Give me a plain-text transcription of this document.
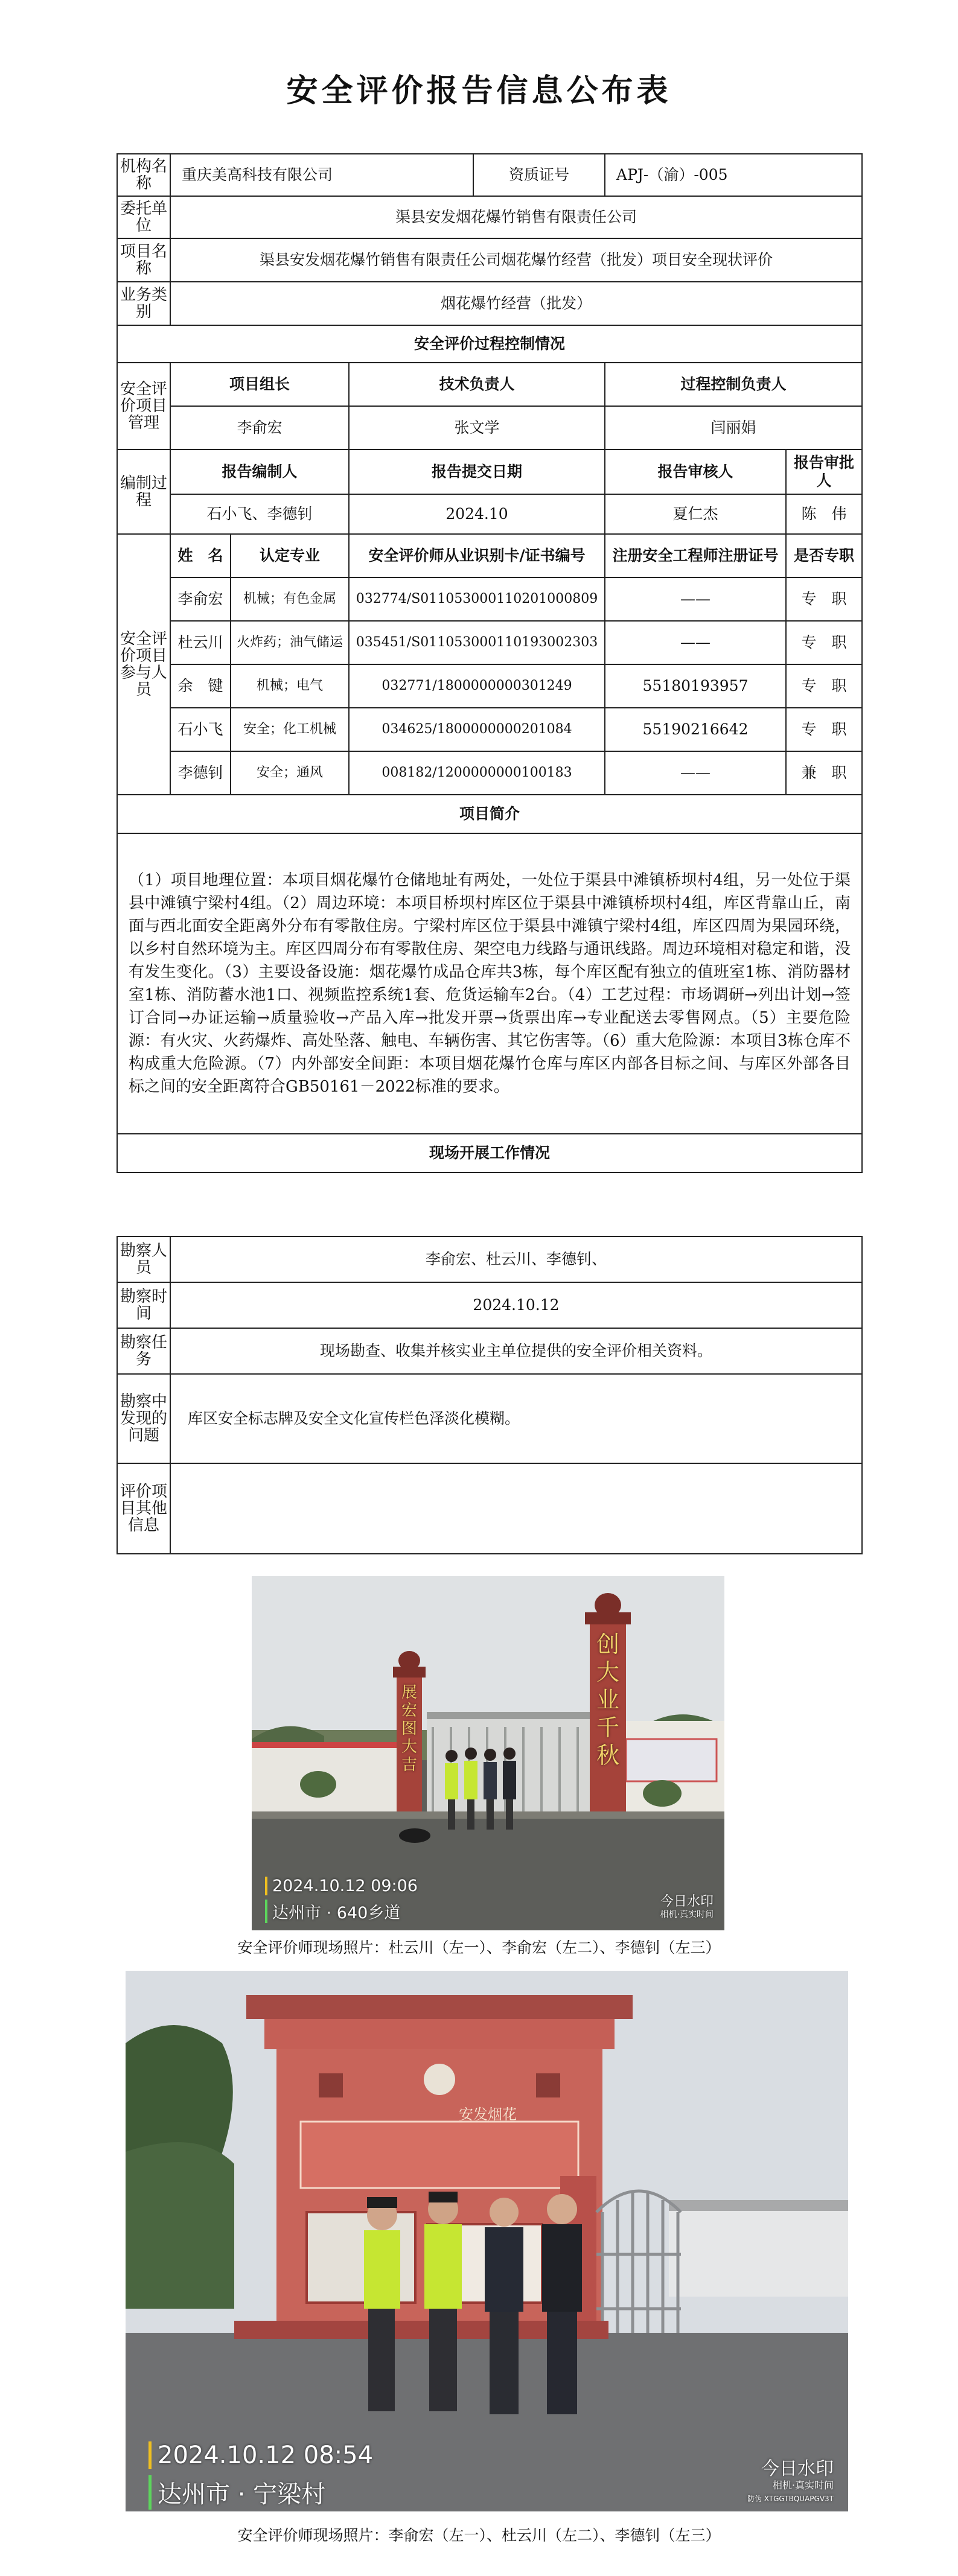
安全评价报告信息公布表
机构名称	重庆美高科技有限公司			资质证号	APJ-（渝）-005	
委托单位	渠县安发烟花爆竹销售有限责任公司					
项目名称	渠县安发烟花爆竹销售有限责任公司烟花爆竹经营（批发）项目安全现状评价					
业务类别	烟花爆竹经营（批发）					
安全评价过程控制情况						
安全评价项目管理	项目组长		技术负责人		过程控制负责人	
	李俞宏		张文学		闫丽娟	
编制过程	报告编制人		报告提交日期		报告审核人	报告审批人
	石小飞、李德钊		2024.10		夏仁杰	陈　伟
安全评价项目参与人员	姓　名	认定专业	安全评价师从业识别卡/证书编号		注册安全工程师注册证号	是否专职
	李俞宏	机械；有色金属	032774/S011053000110201000809		——	专　职
	杜云川	火炸药；油气储运	035451/S011053000110193002303		——	专　职
	余　键	机械；电气	032771/1800000000301249		55180193957	专　职
	石小飞	安全；化工机械	034625/1800000000201084		55190216642	专　职
	李德钊	安全；通风	008182/1200000000100183		——	兼　职
项目简介						
（1）项目地理位置：本项目烟花爆竹仓储地址有两处，一处位于渠县中滩镇桥坝村4组，另一处位于渠县中滩镇宁梁村4组。（2）周边环境：本项目桥坝村库区位于渠县中滩镇桥坝村4组，库区背靠山丘，南面与西北面安全距离外分布有零散住房。宁梁村库区位于渠县中滩镇宁梁村4组，库区四周为果园环绕，以乡村自然环境为主。库区四周分布有零散住房、架空电力线路与通讯线路。周边环境相对稳定和谐，没有发生变化。（3）主要设备设施：烟花爆竹成品仓库共3栋，每个库区配有独立的值班室1栋、消防器材室1栋、消防蓄水池1口、视频监控系统1套、危货运输车2台。（4）工艺过程：市场调研→列出计划→签订合同→办证运输→质量验收→产品入库→批发开票→货票出库→专业配送去零售网点。（5）主要危险源：有火灾、火药爆炸、高处坠落、触电、车辆伤害、其它伤害等。（6）重大危险源：本项目3栋仓库不构成重大危险源。（7）内外部安全间距：本项目烟花爆竹仓库与库区内部各目标之间、与库区外部各目标之间的安全距离符合GB50161－2022标准的要求。						
现场开展工作情况						
勘察人员	李俞宏、杜云川、李德钊、
勘察时间	2024.10.12
勘察任务	现场勘查、收集并核实业主单位提供的安全评价相关资料。
勘察中发现的问题	库区安全标志牌及安全文化宣传栏色泽淡化模糊。
评价项目其他信息	
展宏图大吉
创大业千秋
2024.10.12 09:06
达州市 · 640乡道
今日水印
相机·真实时间
安全评价师现场照片：杜云川（左一）、李俞宏（左二）、李德钊（左三）
安发烟花
2024.10.12 08:54
达州市 · 宁梁村
今日水印
相机·真实时间
防伪 XTGGTBQUAPGV3T
安全评价师现场照片：李俞宏（左一）、杜云川（左二）、李德钊（左三）
